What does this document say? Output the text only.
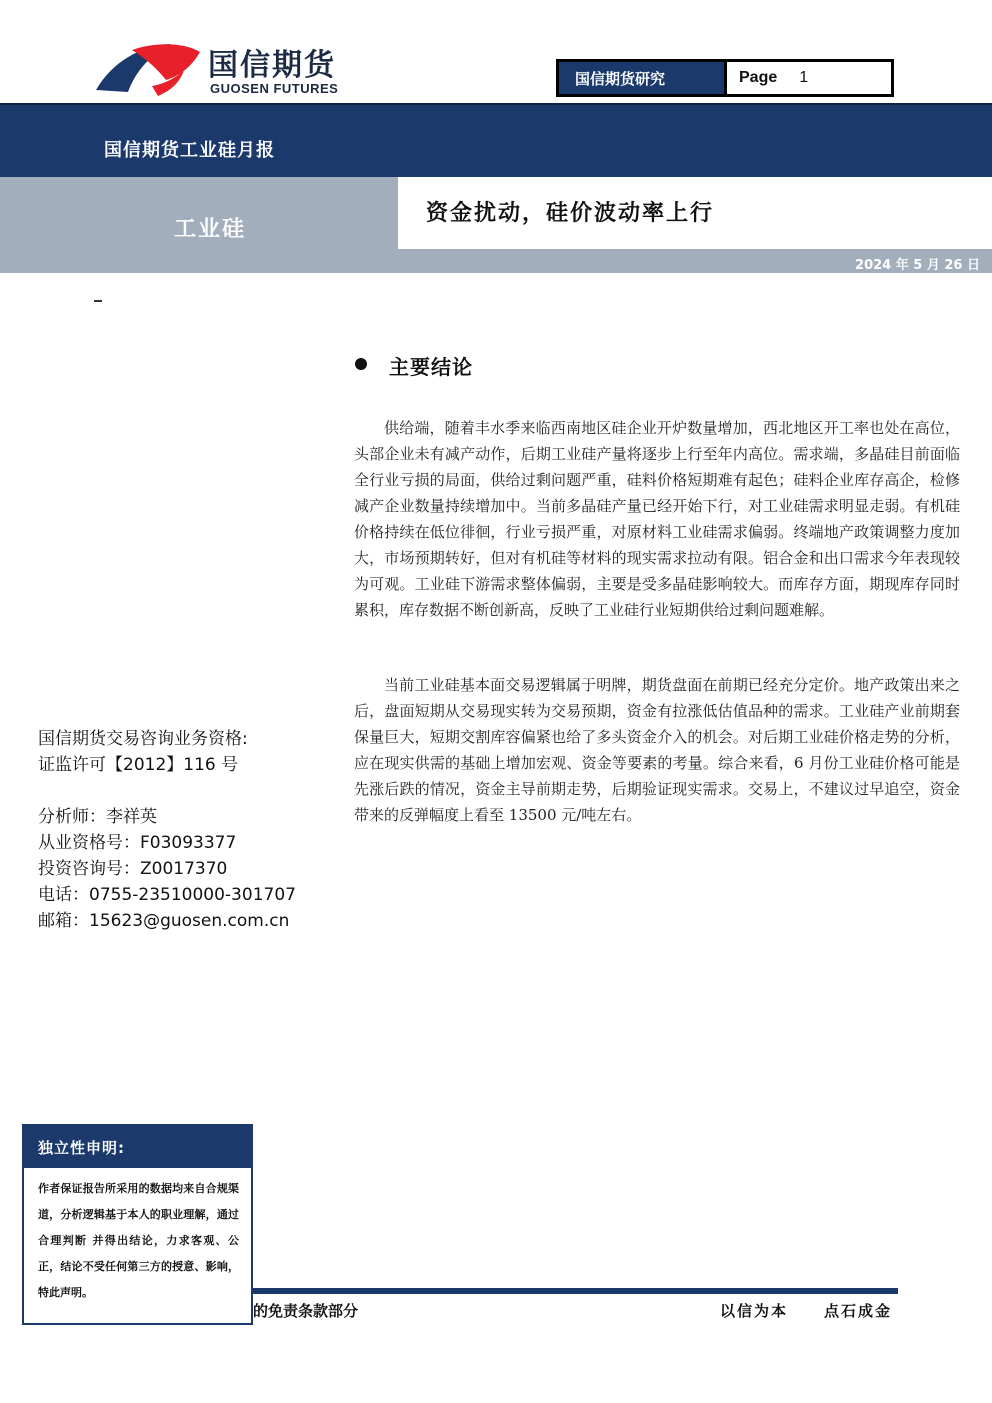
国信期货
GUOSEN FUTURES
国信期货研究	Page 1
国信期货工业硅月报
工业硅
资金扰动，硅价波动率上行
2024 年 5 月 26 日
主要结论
供给端，随着丰水季来临西南地区硅企业开炉数量增加，西北地区开工率也处在高位，头部企业未有减产动作，后期工业硅产量将逐步上行至年内高位。需求端，多晶硅目前面临全行业亏损的局面，供给过剩问题严重，硅料价格短期难有起色；硅料企业库存高企，检修减产企业数量持续增加中。当前多晶硅产量已经开始下行，对工业硅需求明显走弱。有机硅价格持续在低位徘徊，行业亏损严重，对原材料工业硅需求偏弱。终端地产政策调整力度加大，市场预期转好，但对有机硅等材料的现实需求拉动有限。铝合金和出口需求今年表现较为可观。工业硅下游需求整体偏弱，主要是受多晶硅影响较大。而库存方面，期现库存同时累积，库存数据不断创新高，反映了工业硅行业短期供给过剩问题难解。
当前工业硅基本面交易逻辑属于明牌，期货盘面在前期已经充分定价。地产政策出来之后，盘面短期从交易现实转为交易预期，资金有拉涨低估值品种的需求。工业硅产业前期套保量巨大，短期交割库容偏紧也给了多头资金介入的机会。对后期工业硅价格走势的分析，应在现实供需的基础上增加宏观、资金等要素的考量。综合来看，6 月份工业硅价格可能是先涨后跌的情况，资金主导前期走势，后期验证现实需求。交易上，不建议过早追空，资金带来的反弹幅度上看至 13500 元/吨左右。
国信期货交易咨询业务资格:
证监许可【2012】116 号
分析师：李祥英
从业资格号：F03093377
投资咨询号：Z0017370
电话：0755-23510000-301707
邮箱：15623@guosen.com.cn
独立性申明:
作者保证报告所采用的数据均来自合规渠道，分析逻辑基于本人的职业理解，通过合理判断 并得出结论，力求客观、公正，结论不受任何第三方的授意、影响，特此声明。
的免责条款部分	以信为本 点石成金
